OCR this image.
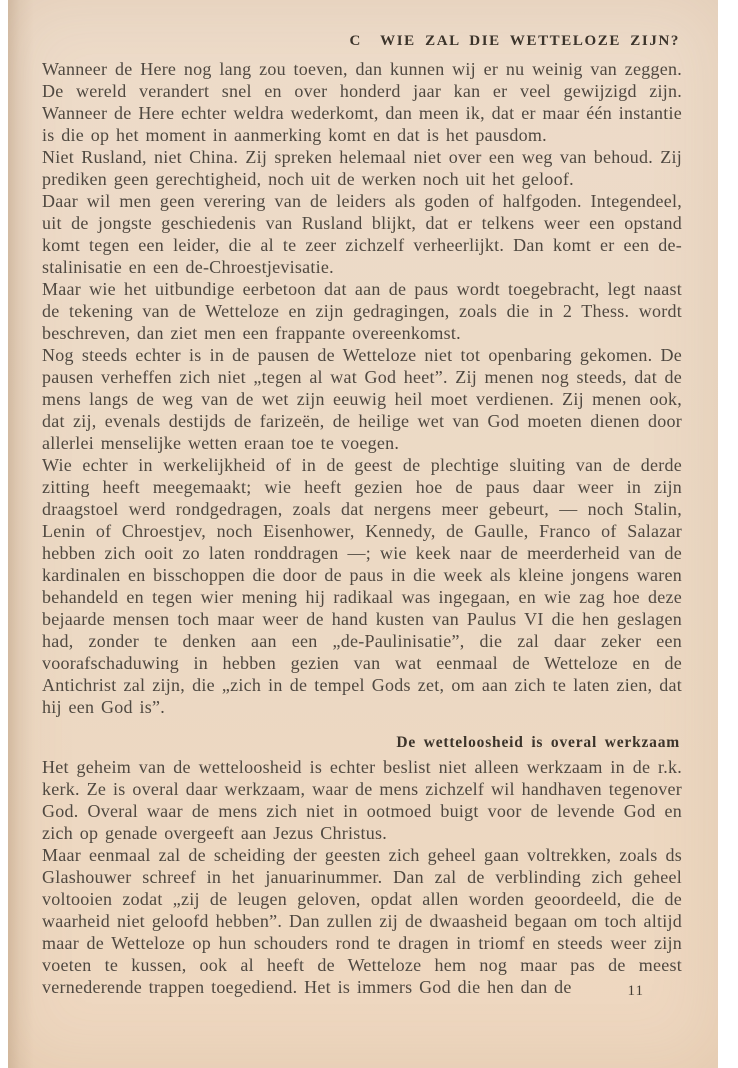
C  WIE ZAL DIE WETTELOZE ZIJN?

Wanneer de Here nog lang zou toeven, dan kunnen wij er nu weinig van zeggen. De wereld verandert snel en over honderd jaar kan er veel gewijzigd zijn. Wanneer de Here echter weldra wederkomt, dan meen ik, dat er maar één instantie is die op het moment in aanmerking komt en dat is het pausdom.

Niet Rusland, niet China. Zij spreken helemaal niet over een weg van behoud. Zij prediken geen gerechtigheid, noch uit de werken noch uit het geloof.

Daar wil men geen verering van de leiders als goden of halfgoden. Integendeel, uit de jongste geschiedenis van Rusland blijkt, dat er telkens weer een opstand komt tegen een leider, die al te zeer zichzelf verheerlijkt. Dan komt er een de-stalinisatie en een de-Chroestjevisatie.

Maar wie het uitbundige eerbetoon dat aan de paus wordt toegebracht, legt naast de tekening van de Wetteloze en zijn gedragingen, zoals die in 2 Thess. wordt beschreven, dan ziet men een frappante overeenkomst.

Nog steeds echter is in de pausen de Wetteloze niet tot openbaring gekomen. De pausen verheffen zich niet „tegen al wat God heet”. Zij menen nog steeds, dat de mens langs de weg van de wet zijn eeuwig heil moet verdienen. Zij menen ook, dat zij, evenals destijds de farizeën, de heilige wet van God moeten dienen door allerlei menselijke wetten eraan toe te voegen.

Wie echter in werkelijkheid of in de geest de plechtige sluiting van de derde zitting heeft meegemaakt; wie heeft gezien hoe de paus daar weer in zijn draagstoel werd rondgedragen, zoals dat nergens meer gebeurt, — noch Stalin, Lenin of Chroestjev, noch Eisenhower, Kennedy, de Gaulle, Franco of Salazar hebben zich ooit zo laten ronddragen —; wie keek naar de meerderheid van de kardinalen en bisschoppen die door de paus in die week als kleine jongens waren behandeld en tegen wier mening hij radikaal was ingegaan, en wie zag hoe deze bejaarde mensen toch maar weer de hand kusten van Paulus VI die hen geslagen had, zonder te denken aan een „de-Paulinisatie”, die zal daar zeker een voorafschaduwing in hebben gezien van wat eenmaal de Wetteloze en de Antichrist zal zijn, die „zich in de tempel Gods zet, om aan zich te laten zien, dat hij een God is”.

De wetteloosheid is overal werkzaam

Het geheim van de wetteloosheid is echter beslist niet alleen werkzaam in de r.k. kerk. Ze is overal daar werkzaam, waar de mens zichzelf wil handhaven tegenover God. Overal waar de mens zich niet in ootmoed buigt voor de levende God en zich op genade overgeeft aan Jezus Christus.

Maar eenmaal zal de scheiding der geesten zich geheel gaan voltrekken, zoals ds Glashouwer schreef in het januarinummer. Dan zal de verblinding zich geheel voltooien zodat „zij de leugen geloven, opdat allen worden geoordeeld, die de waarheid niet geloofd hebben”. Dan zullen zij de dwaasheid begaan om toch altijd maar de Wetteloze op hun schouders rond te dragen in triomf en steeds weer zijn voeten te kussen, ook al heeft de Wetteloze hem nog maar pas de meest vernederende trappen toegediend. Het is immers God die hen dan de	11
